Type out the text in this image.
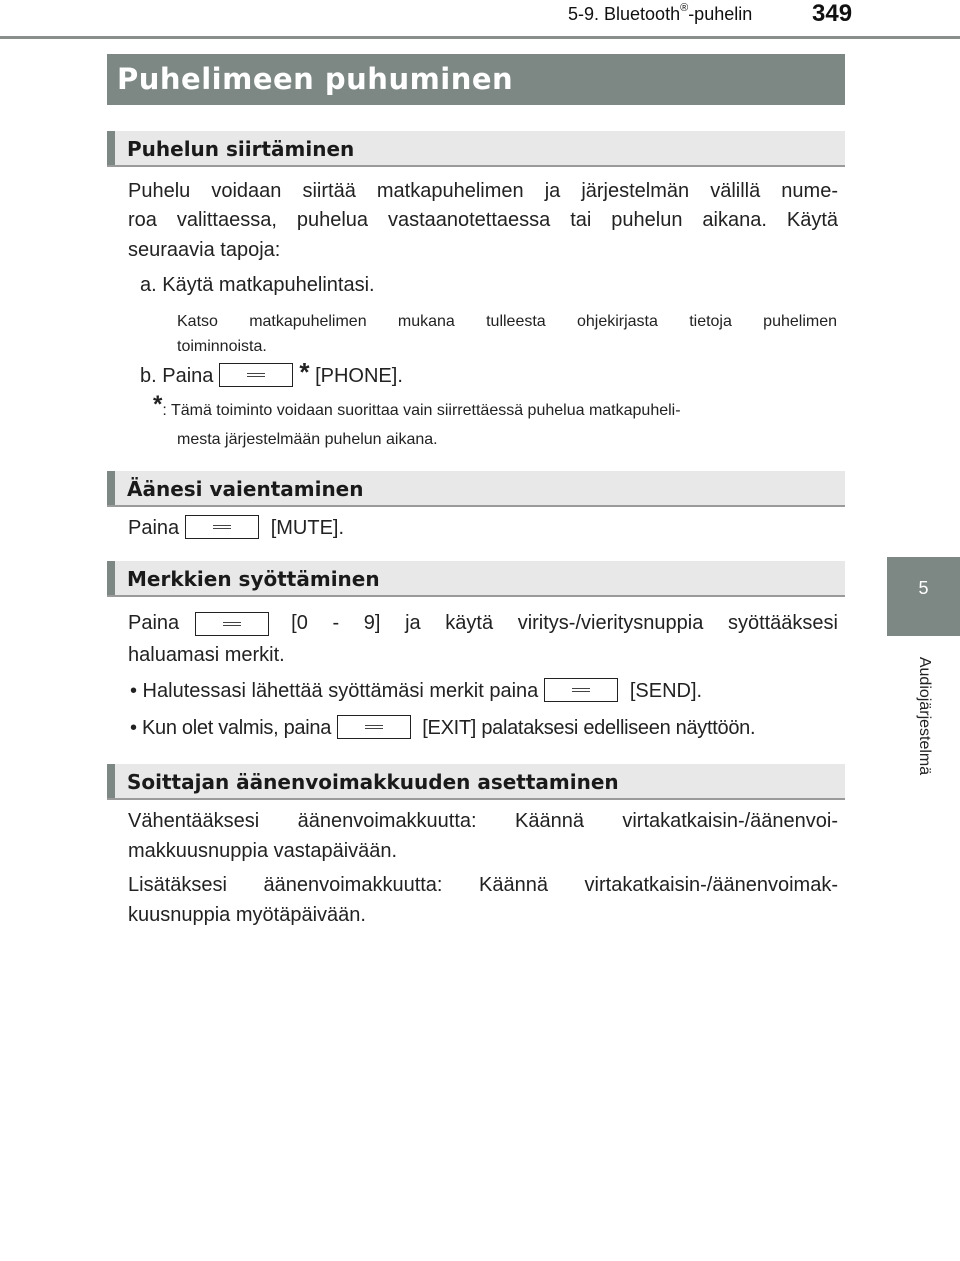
5-9. Bluetooth®-puhelin 349
5
Audiojärjestelmä
Puhelimeen puhuminen
Puhelun siirtäminen
Puhelu voidaan siirtää matkapuhelimen ja järjestelmän välillä nume-
roa valittaessa, puhelua vastaanotettaessa tai puhelun aikana. Käytä
seuraavia tapoja:
a. Käytä matkapuhelintasi.
Katso matkapuhelimen mukana tulleesta ohjekirjasta tietoja puhelimen
toiminnoista.
b. Paina	* [PHONE].
*: Tämä toiminto voidaan suorittaa vain siirrettäessä puhelua matkapuheli-
mesta järjestelmään puhelun aikana.
Äänesi vaientaminen
Paina	[MUTE].
Merkkien syöttäminen
Paina	[0 - 9] ja käytä viritys-/vieritysnuppia syöttääksesi
haluamasi merkit.
• Halutessasi lähettää syöttämäsi merkit paina	[SEND].
• Kun olet valmis, paina	[EXIT] palataksesi edelliseen näyttöön.
Soittajan äänenvoimakkuuden asettaminen
Vähentääksesi äänenvoimakkuutta: Käännä virtakatkaisin-/äänenvoi-
makkuusnuppia vastapäivään.
Lisätäksesi äänenvoimakkuutta: Käännä virtakatkaisin-/äänenvoimak-
kuusnuppia myötäpäivään.
